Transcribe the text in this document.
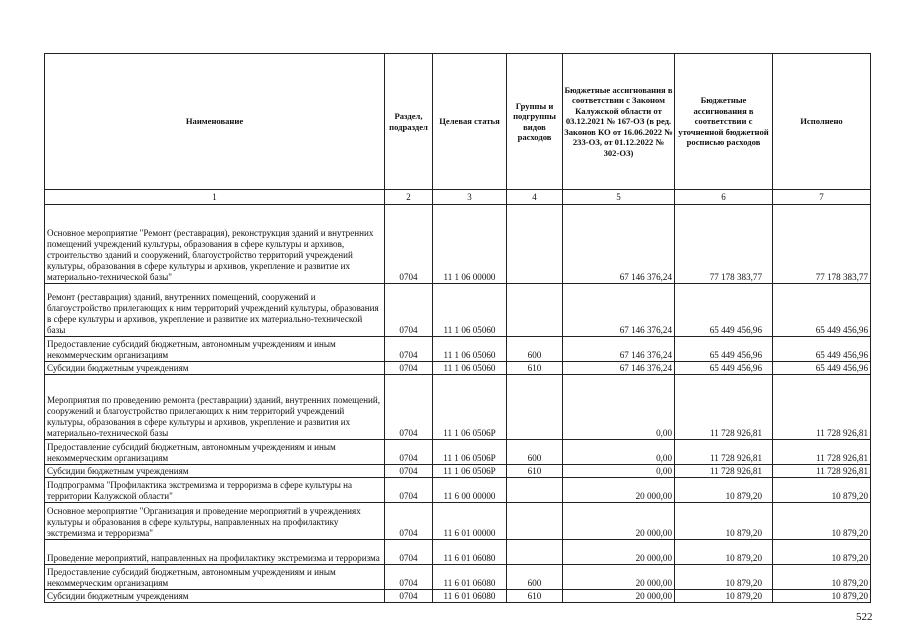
Наименование	Раздел, подраздел	Целевая статья	Группы и подгруппы видов расходов	Бюджетные ассигнования в соответствии с Законом Калужской области от 03.12.2021 № 167-ОЗ (в ред. Законов КО от 16.06.2022 № 233-ОЗ, от 01.12.2022 № 302-ОЗ)	Бюджетные ассигнования в соответствии с уточненной бюджетной росписью расходов	Исполнено
1	2	3	4	5	6	7
Основное мероприятие "Ремонт (реставрация), реконструкция зданий и внутренних помещений учреждений культуры, образования в сфере культуры и архивов, строительство зданий и сооружений, благоустройство территорий учреждений культуры, образования в сфере культуры и архивов, укрепление и развитие их материально-технической базы"	0704	11 1 06 00000		67 146 376,24	77 178 383,77	77 178 383,77
Ремонт (реставрация) зданий, внутренних помещений, сооружений и благоустройство прилегающих к ним территорий учреждений культуры, образования в сфере культуры и архивов, укрепление и развитие их материально-технической базы	0704	11 1 06 05060		67 146 376,24	65 449 456,96	65 449 456,96
Предоставление субсидий бюджетным, автономным учреждениям и иным некоммерческим организациям	0704	11 1 06 05060	600	67 146 376,24	65 449 456,96	65 449 456,96
Субсидии бюджетным учреждениям	0704	11 1 06 05060	610	67 146 376,24	65 449 456,96	65 449 456,96
Мероприятия по проведению ремонта (реставрации) зданий, внутренних помещений, сооружений и благоустройство прилегающих к ним территорий учреждений культуры, образования в сфере культуры и архивов, укрепление и развития их материально-технической базы	0704	11 1 06 0506P		0,00	11 728 926,81	11 728 926,81
Предоставление субсидий бюджетным, автономным учреждениям и иным некоммерческим организациям	0704	11 1 06 0506P	600	0,00	11 728 926,81	11 728 926,81
Субсидии бюджетным учреждениям	0704	11 1 06 0506P	610	0,00	11 728 926,81	11 728 926,81
Подпрограмма "Профилактика экстремизма и терроризма в сфере культуры на территории Калужской области"	0704	11 6 00 00000		20 000,00	10 879,20	10 879,20
Основное мероприятие "Организация и проведение мероприятий в учреждениях культуры и образования в сфере культуры, направленных на профилактику экстремизма и терроризма"	0704	11 6 01 00000		20 000,00	10 879,20	10 879,20
Проведение мероприятий, направленных на профилактику экстремизма и терроризма	0704	11 6 01 06080		20 000,00	10 879,20	10 879,20
Предоставление субсидий бюджетным, автономным учреждениям и иным некоммерческим организациям	0704	11 6 01 06080	600	20 000,00	10 879,20	10 879,20
Субсидии бюджетным учреждениям	0704	11 6 01 06080	610	20 000,00	10 879,20	10 879,20
522
